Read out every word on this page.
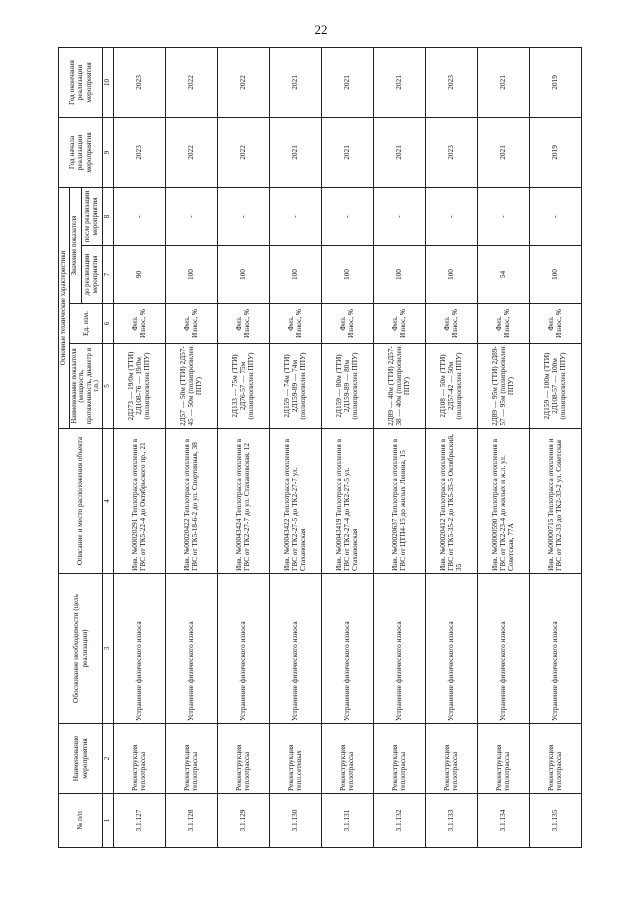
22
№ п/п	Наименование мероприятия	Обоснование необходимости (цель реализации)	Описание и место расположения объекта	Основные технические характеристики				Год начала реализации мероприятия	Год окончания реализации мероприятия
				Наименование показателя (мощность, протяженность, диаметр и т.п.)	Ед. изм.	Значение показателя			
						до реализации мероприятия	после реализации мероприятия		
1	2	3	4	5	6	7	8	9	10
3.1.127	Реконструкция теплотрассы	Устранение физического износа	Инв. №00020291 Теплотрасса отопления в ГВС от ТК5-22-4 до Октябрьского пр., 21	2Д273 — 19/0м (ТТИ) 2Д108-76 — 19/0м (полипропилен ППУ)	Физ. Износ, %	90	-	2023	2023
3.1.128	Реконструкция теплотрассы	Устранение физического износа	Инв. №00020422 Теплотрасса отопления в ГВС от ТК5-18-6-2 до ул. Спортивная, 38	2Д57 — 50м (ТТИ) 2Д57-45 — 50м (полипропилен ППУ)	Физ. Износ, %	100	-	2022	2022
3.1.129	Реконструкция теплотрассы	Устранение физического износа	Инв. №00043424 Теплотрасса отопления в ГВС от ТК2-27-7 до ул. Стахановская, 12	2Д133 — 75м (ТТИ) 2Д76-57 — 75м (полипропилен ППУ)	Физ. Износ, %	100	-	2022	2022
3.1.130	Реконструкция тепл.сетевых	Устранение физического износа	Инв. №00043422 Теплотрасса отопления в ГВС от ТК2-27-5 до ТК2-27-7 ул. Стахановская	2Д159 — 74м (ТТИ) 2Д159-89 — 74м (полипропилен ППУ)	Физ. Износ, %	100	-	2021	2021
3.1.131	Реконструкция теплотрассы	Устранение физического износа	Инв. №00043419 Теплотрасса отопления в ГВС от ТК2-27-4 до ТК2-27-5 ул. Стахановская	2Д159 — 80м (ТТИ) 2Д159-89 — 80м (полипропилен ППУ)	Физ. Износ, %	100	-	2021	2021
3.1.132	Реконструкция теплотрассы	Устранение физического износа	Инв. №00020637 Теплотрасса отопления в ГВС от ЦТП4-15 до жилых Ленина, 15	2Д89 — 40м (ТТИ) 2Д57-38 — 40м (полипропилен ППУ)	Физ. Износ, %	100	-	2021	2021
3.1.133	Реконструкция теплотрассы	Устранение физического износа	Инв. №00020412 Теплотрасса отопления в ГВС от ТК5-35-2 до ТК5-35-5 Октябрьский, 35	2Д108 — 50м (ТТИ) 2Д57-42 — 50м (полипропилен ППУ)	Физ. Износ, %	100	-	2023	2023
3.1.134	Реконструкция теплотрассы	Устранение физического износа	Инв. №00000590 Теплотрасса отопления в ГВС от ТК2-23-4 до жилых и ж.л. ул. Советская, 77А	2Д89 — 95м (ТТИ) 2Д89-57 — 95м (полипропилен ППУ)	Физ. Износ, %	54	-	2021	2021
3.1.135	Реконструкция теплотрассы	Устранение физического износа	Инв. №00000715 Теплотрасса отопления и ГВС от ТК2-33 до ТК2-33-2 ул. Советская	2Д159 — 100м (ТТИ) 2Д108-57 — 100м (полипропилен ППУ)	Физ. Износ, %	100	-	2019	2019
